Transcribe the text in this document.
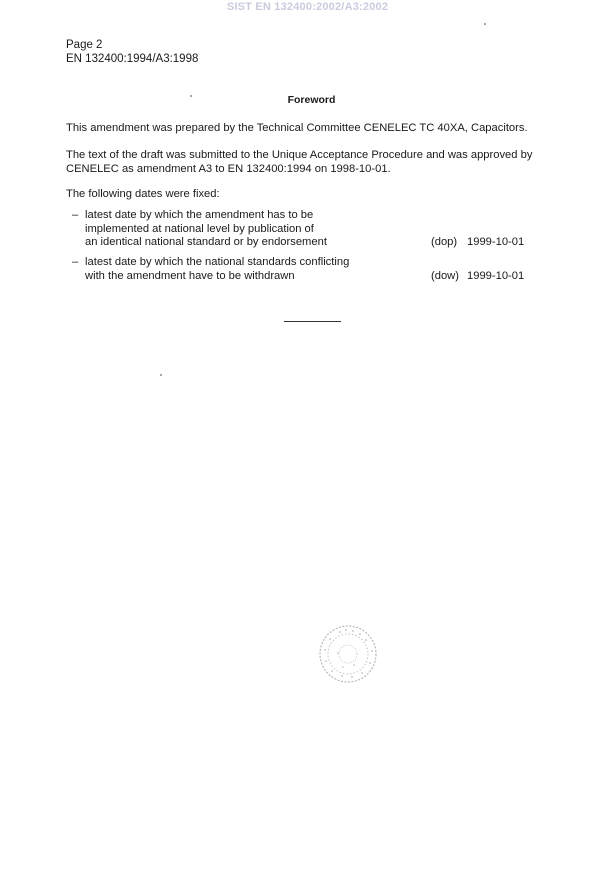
SIST EN 132400:2002/A3:2002
Page 2
EN 132400:1994/A3:1998
Foreword
This amendment was prepared by the Technical Committee CENELEC TC 40XA, Capacitors.
The text of the draft was submitted to the Unique Acceptance Procedure and was approved by CENELEC as amendment A3 to EN 132400:1994 on 1998-10-01.
The following dates were fixed:
– latest date by which the amendment has to be
implemented at national level by publication of
an identical national standard or by endorsement	(dop) 1999-10-01
– latest date by which the national standards conflicting
with the amendment have to be withdrawn	(dow) 1999-10-01
